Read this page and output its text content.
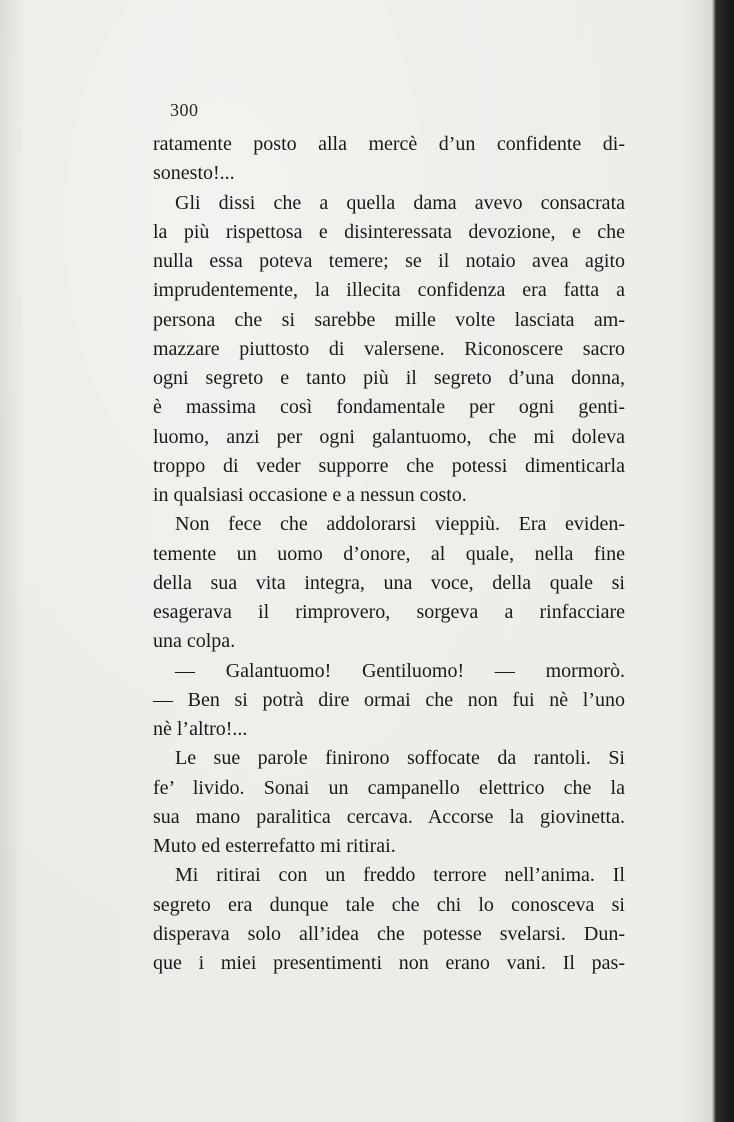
300
ratamente posto alla mercè d’un confidente di-
sonesto!...
Gli dissi che a quella dama avevo consacrata
la più rispettosa e disinteressata devozione, e che
nulla essa poteva temere; se il notaio avea agito
imprudentemente, la illecita confidenza era fatta a
persona che si sarebbe mille volte lasciata am-
mazzare piuttosto di valersene. Riconoscere sacro
ogni segreto e tanto più il segreto d’una donna,
è massima così fondamentale per ogni genti-
luomo, anzi per ogni galantuomo, che mi doleva
troppo di veder supporre che potessi dimenticarla
in qualsiasi occasione e a nessun costo.
Non fece che addolorarsi vieppiù. Era eviden-
temente un uomo d’onore, al quale, nella fine
della sua vita integra, una voce, della quale si
esagerava il rimprovero, sorgeva a rinfacciare
una colpa.
— Galantuomo! Gentiluomo! — mormorò.
— Ben si potrà dire ormai che non fui nè l’uno
nè l’altro!...
Le sue parole finirono soffocate da rantoli. Si
fe’ livido. Sonai un campanello elettrico che la
sua mano paralitica cercava. Accorse la giovinetta.
Muto ed esterrefatto mi ritirai.
Mi ritirai con un freddo terrore nell’anima. Il
segreto era dunque tale che chi lo conosceva si
disperava solo all’idea che potesse svelarsi. Dun-
que i miei presentimenti non erano vani. Il pas-
